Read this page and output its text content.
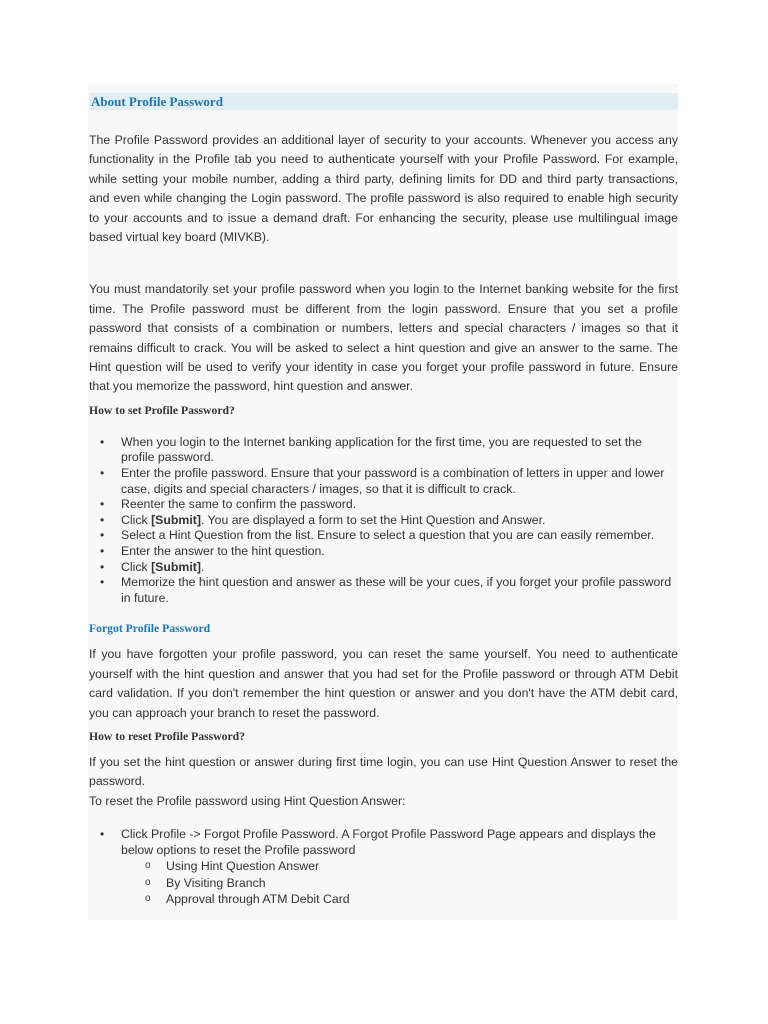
About Profile Password

The Profile Password provides an additional layer of security to your accounts. Whenever you access any functionality in the Profile tab you need to authenticate yourself with your Profile Password. For example, while setting your mobile number, adding a third party, defining limits for DD and third party transactions, and even while changing the Login password. The profile password is also required to enable high security to your accounts and to issue a demand draft. For enhancing the security, please use multilingual image based virtual key board (MIVKB).

You must mandatorily set your profile password when you login to the Internet banking website for the first time. The Profile password must be different from the login password. Ensure that you set a profile password that consists of a combination or numbers, letters and special characters / images so that it remains difficult to crack. You will be asked to select a hint question and give an answer to the same. The Hint question will be used to verify your identity in case you forget your profile password in future. Ensure that you memorize the password, hint question and answer.

How to set Profile Password?
• When you login to the Internet banking application for the first time, you are requested to set the profile password.
• Enter the profile password. Ensure that your password is a combination of letters in upper and lower case, digits and special characters / images, so that it is difficult to crack.
• Reenter the same to confirm the password.
• Click [Submit]. You are displayed a form to set the Hint Question and Answer.
• Select a Hint Question from the list. Ensure to select a question that you are can easily remember.
• Enter the answer to the hint question.
• Click [Submit].
• Memorize the hint question and answer as these will be your cues, if you forget your profile password in future.
Forgot Profile Password

If you have forgotten your profile password, you can reset the same yourself. You need to authenticate yourself with the hint question and answer that you had set for the Profile password or through ATM Debit card validation. If you don't remember the hint question or answer and you don't have the ATM debit card, you can approach your branch to reset the password.

How to reset Profile Password?

If you set the hint question or answer during first time login, you can use Hint Question Answer to reset the password.

To reset the Profile password using Hint Question Answer:

• Click Profile -> Forgot Profile Password. A Forgot Profile Password Page appears and displays the below options to reset the Profile password
o Using Hint Question Answer
o By Visiting Branch
o Approval through ATM Debit Card
